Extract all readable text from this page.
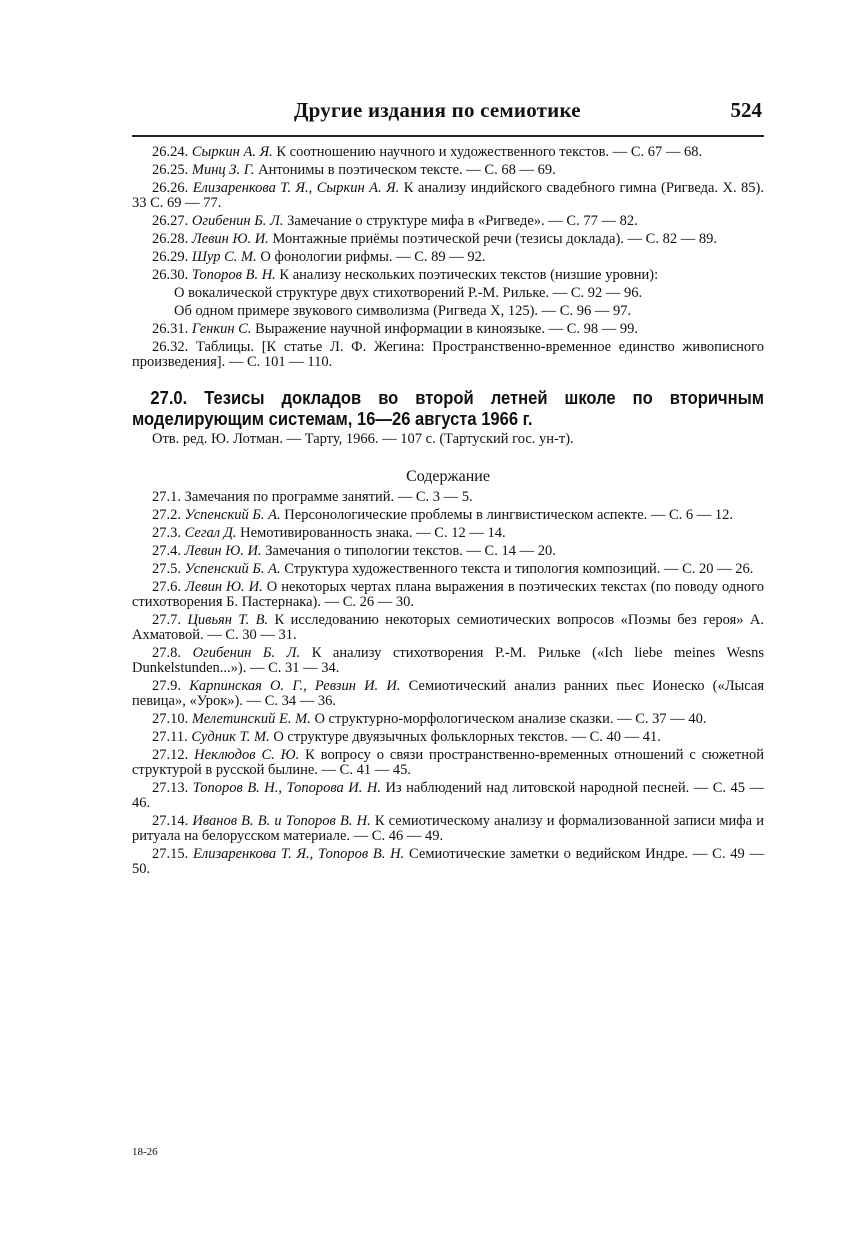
Другие издания по семиотике	524

26.24. Сыркин А. Я. К соотношению научного и художественного текстов. — С. 67 — 68.

26.25. Минц З. Г. Антонимы в поэтическом тексте. — С. 68 — 69.

26.26. Елизаренкова Т. Я., Сыркин А. Я. К анализу индийского свадебного гимна (Ригведа. X. 85). 33 С. 69 — 77.

26.27. Огибенин Б. Л. Замечание о структуре мифа в «Ригведе». — С. 77 — 82.

26.28. Левин Ю. И. Монтажные приёмы поэтической речи (тезисы доклада). — С. 82 — 89.

26.29. Шур С. М. О фонологии рифмы. — С. 89 — 92.

26.30. Топоров В. Н. К анализу нескольких поэтических текстов (низшие уровни):

О вокалической структуре двух стихотворений Р.-М. Рильке. — С. 92 — 96.

Об одном примере звукового символизма (Ригведа X, 125). — С. 96 — 97.

26.31. Генкин С. Выражение научной информации в киноязыке. — С. 98 — 99.

26.32. Таблицы. [К статье Л. Ф. Жегина: Пространственно-временное единство живописного произведения]. — С. 101 — 110.

27.0. Тезисы докладов во второй летней школе по вторичным моделирующим системам, 16—26 августа 1966 г.

Отв. ред. Ю. Лотман. — Тарту, 1966. — 107 с. (Тартуский гос. ун-т).

Содержание

27.1. Замечания по программе занятий. — С. 3 — 5.

27.2. Успенский Б. А. Персонологические проблемы в лингвистическом аспекте. — С. 6 — 12.

27.3. Сегал Д. Немотивированность знака. — С. 12 — 14.

27.4. Левин Ю. И. Замечания о типологии текстов. — С. 14 — 20.

27.5. Успенский Б. А. Структура художественного текста и типология композиций. — С. 20 — 26.

27.6. Левин Ю. И. О некоторых чертах плана выражения в поэтических текстах (по поводу одного стихотворения Б. Пастернака). — С. 26 — 30.

27.7. Цивьян Т. В. К исследованию некоторых семиотических вопросов «Поэмы без героя» А. Ахматовой. — С. 30 — 31.

27.8. Огибенин Б. Л. К анализу стихотворения Р.-М. Рильке («Ich liebe meines Wesns Dunkelstunden...»). — С. 31 — 34.

27.9. Карпинская О. Г., Ревзин И. И. Семиотический анализ ранних пьес Ионеско («Лысая певица», «Урок»). — С. 34 — 36.

27.10. Мелетинский Е. М. О структурно-морфологическом анализе сказки. — С. 37 — 40.

27.11. Судник Т. М. О структуре двуязычных фольклорных текстов. — С. 40 — 41.

27.12. Неклюдов С. Ю. К вопросу о связи пространственно-временных отношений с сюжетной структурой в русской былине. — С. 41 — 45.

27.13. Топоров В. Н., Топорова И. Н. Из наблюдений над литовской народной песней. — С. 45 — 46.

27.14. Иванов В. В. и Топоров В. Н. К семиотическому анализу и формализованной записи мифа и ритуала на белорусском материале. — С. 46 — 49.

27.15. Елизаренкова Т. Я., Топоров В. Н. Семиотические заметки о ведийском Индре. — С. 49 — 50.

18-26
